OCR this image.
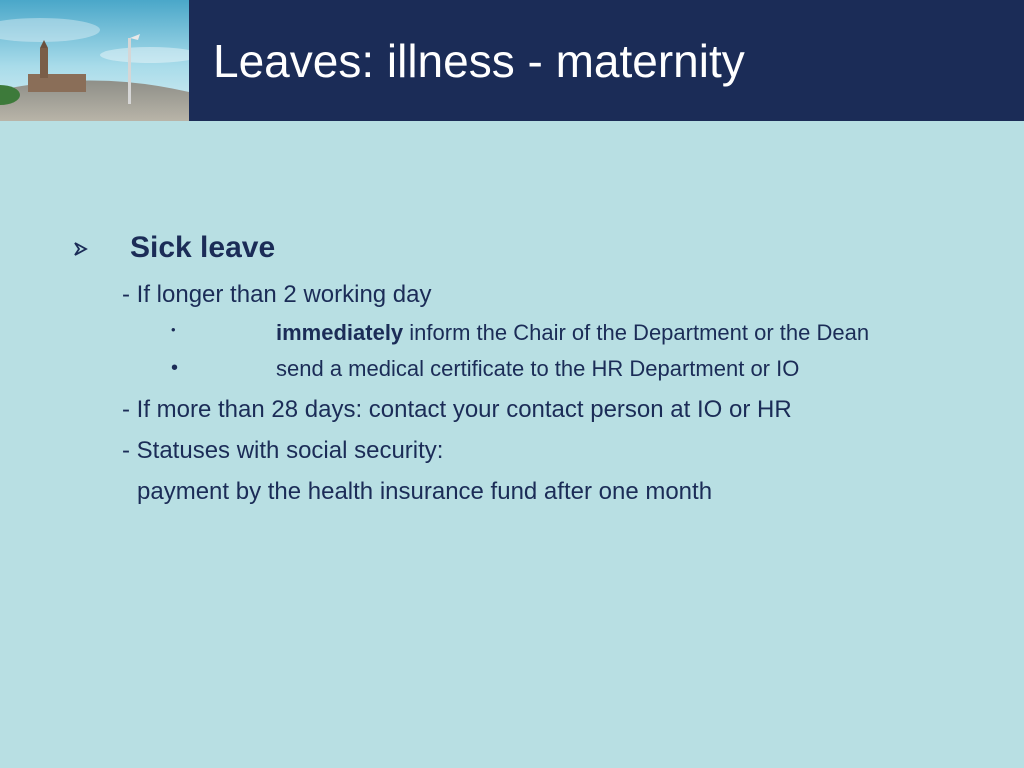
Leaves: illness - maternity
Sick leave
- If longer than 2 working day
•	immediately inform the Chair of the Department or the Dean
•	send a medical certificate to the HR Department or IO
- If more than 28 days: contact your contact person at IO or HR
- Statuses with social security:
payment by the health insurance fund after one month
